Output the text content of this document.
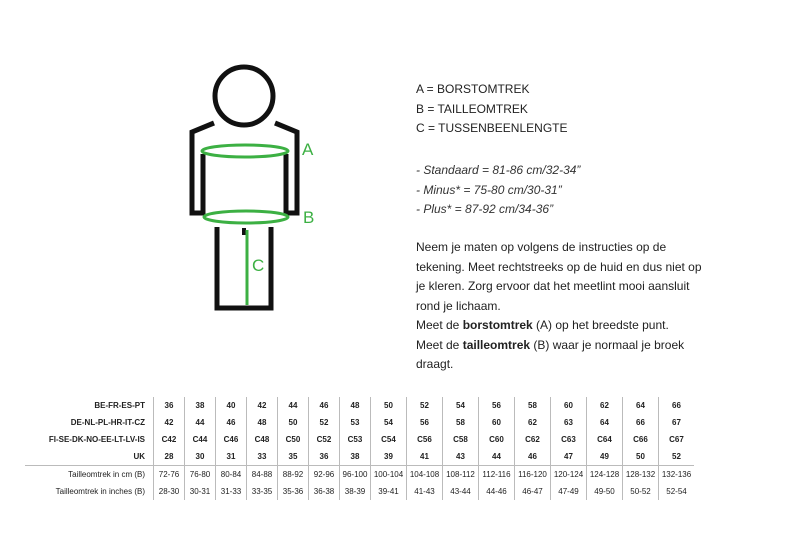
A
B
C
A = BORSTOMTREK
B = TAILLEOMTREK
C = TUSSENBEENLENGTE
- Standaard = 81-86 cm/32-34”
- Minus* = 75-80 cm/30-31”
- Plus* = 87-92 cm/34-36”

Neem je maten op volgens de instructies op de tekening. Meet rechtstreeks op de huid en dus niet op je kleren. Zorg ervoor dat het meetlint mooi aansluit rond je lichaam.

Meet de borstomtrek (A) op het breedste punt.

Meet de tailleomtrek (B) waar je normaal je broek draagt.

BE-FR-ES-PT	36	38	40	42	44	46	48	50	52	54	56	58	60	62	64	66
DE-NL-PL-HR-IT-CZ	42	44	46	48	50	52	53	54	56	58	60	62	63	64	66	67
FI-SE-DK-NO-EE-LT-LV-IS	C42	C44	C46	C48	C50	C52	C53	C54	C56	C58	C60	C62	C63	C64	C66	C67
UK	28	30	31	33	35	36	38	39	41	43	44	46	47	49	50	52
Tailleomtrek in cm (B)	72-76	76-80	80-84	84-88	88-92	92-96	96-100	100-104	104-108	108-112	112-116	116-120	120-124	124-128	128-132	132-136
Tailleomtrek in inches (B)	28-30	30-31	31-33	33-35	35-36	36-38	38-39	39-41	41-43	43-44	44-46	46-47	47-49	49-50	50-52	52-54
